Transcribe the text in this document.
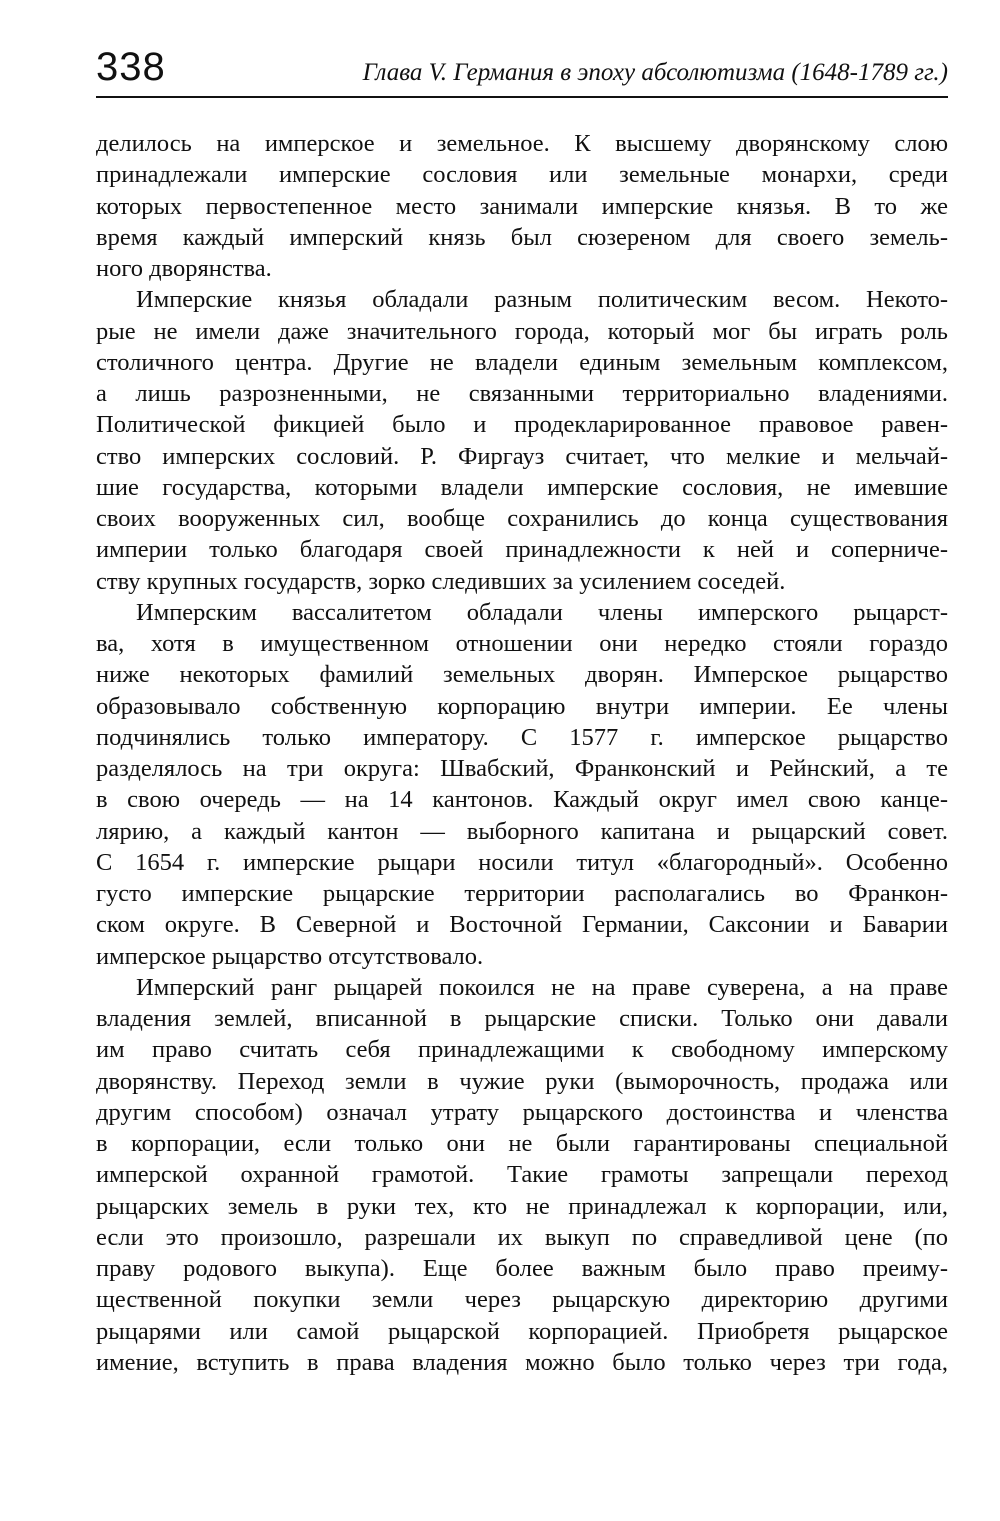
338	Глава V. Германия в эпоху абсолютизма (1648-1789 гг.)
делилось на имперское и земельное. К высшему дворянскому слою
принадлежали имперские сословия или земельные монархи, среди
которых первостепенное место занимали имперские князья. В то же
время каждый имперский князь был сюзереном для своего земель-
ного дворянства.
Имперские князья обладали разным политическим весом. Некото-
рые не имели даже значительного города, который мог бы играть роль
столичного центра. Другие не владели единым земельным комплексом,
а лишь разрозненными, не связанными территориально владениями.
Политической фикцией было и продекларированное правовое равен-
ство имперских сословий. Р. Фиргауз считает, что мелкие и мельчай-
шие государства, которыми владели имперские сословия, не имевшие
своих вооруженных сил, вообще сохранились до конца существования
империи только благодаря своей принадлежности к ней и соперниче-
ству крупных государств, зорко следивших за усилением соседей.
Имперским вассалитетом обладали члены имперского рыцарст-
ва, хотя в имущественном отношении они нередко стояли гораздо
ниже некоторых фамилий земельных дворян. Имперское рыцарство
образовывало собственную корпорацию внутри империи. Ее члены
подчинялись только императору. С 1577 г. имперское рыцарство
разделялось на три округа: Швабский, Франконский и Рейнский, а те
в свою очередь — на 14 кантонов. Каждый округ имел свою канце-
лярию, а каждый кантон — выборного капитана и рыцарский совет.
С 1654 г. имперские рыцари носили титул «благородный». Особенно
густо имперские рыцарские территории располагались во Франкон-
ском округе. В Северной и Восточной Германии, Саксонии и Баварии
имперское рыцарство отсутствовало.
Имперский ранг рыцарей покоился не на праве суверена, а на праве
владения землей, вписанной в рыцарские списки. Только они давали
им право считать себя принадлежащими к свободному имперскому
дворянству. Переход земли в чужие руки (выморочность, продажа или
другим способом) означал утрату рыцарского достоинства и членства
в корпорации, если только они не были гарантированы специальной
имперской охранной грамотой. Такие грамоты запрещали переход
рыцарских земель в руки тех, кто не принадлежал к корпорации, или,
если это произошло, разрешали их выкуп по справедливой цене (по
праву родового выкупа). Еще более важным было право преиму-
щественной покупки земли через рыцарскую директорию другими
рыцарями или самой рыцарской корпорацией. Приобретя рыцарское
имение, вступить в права владения можно было только через три года,
